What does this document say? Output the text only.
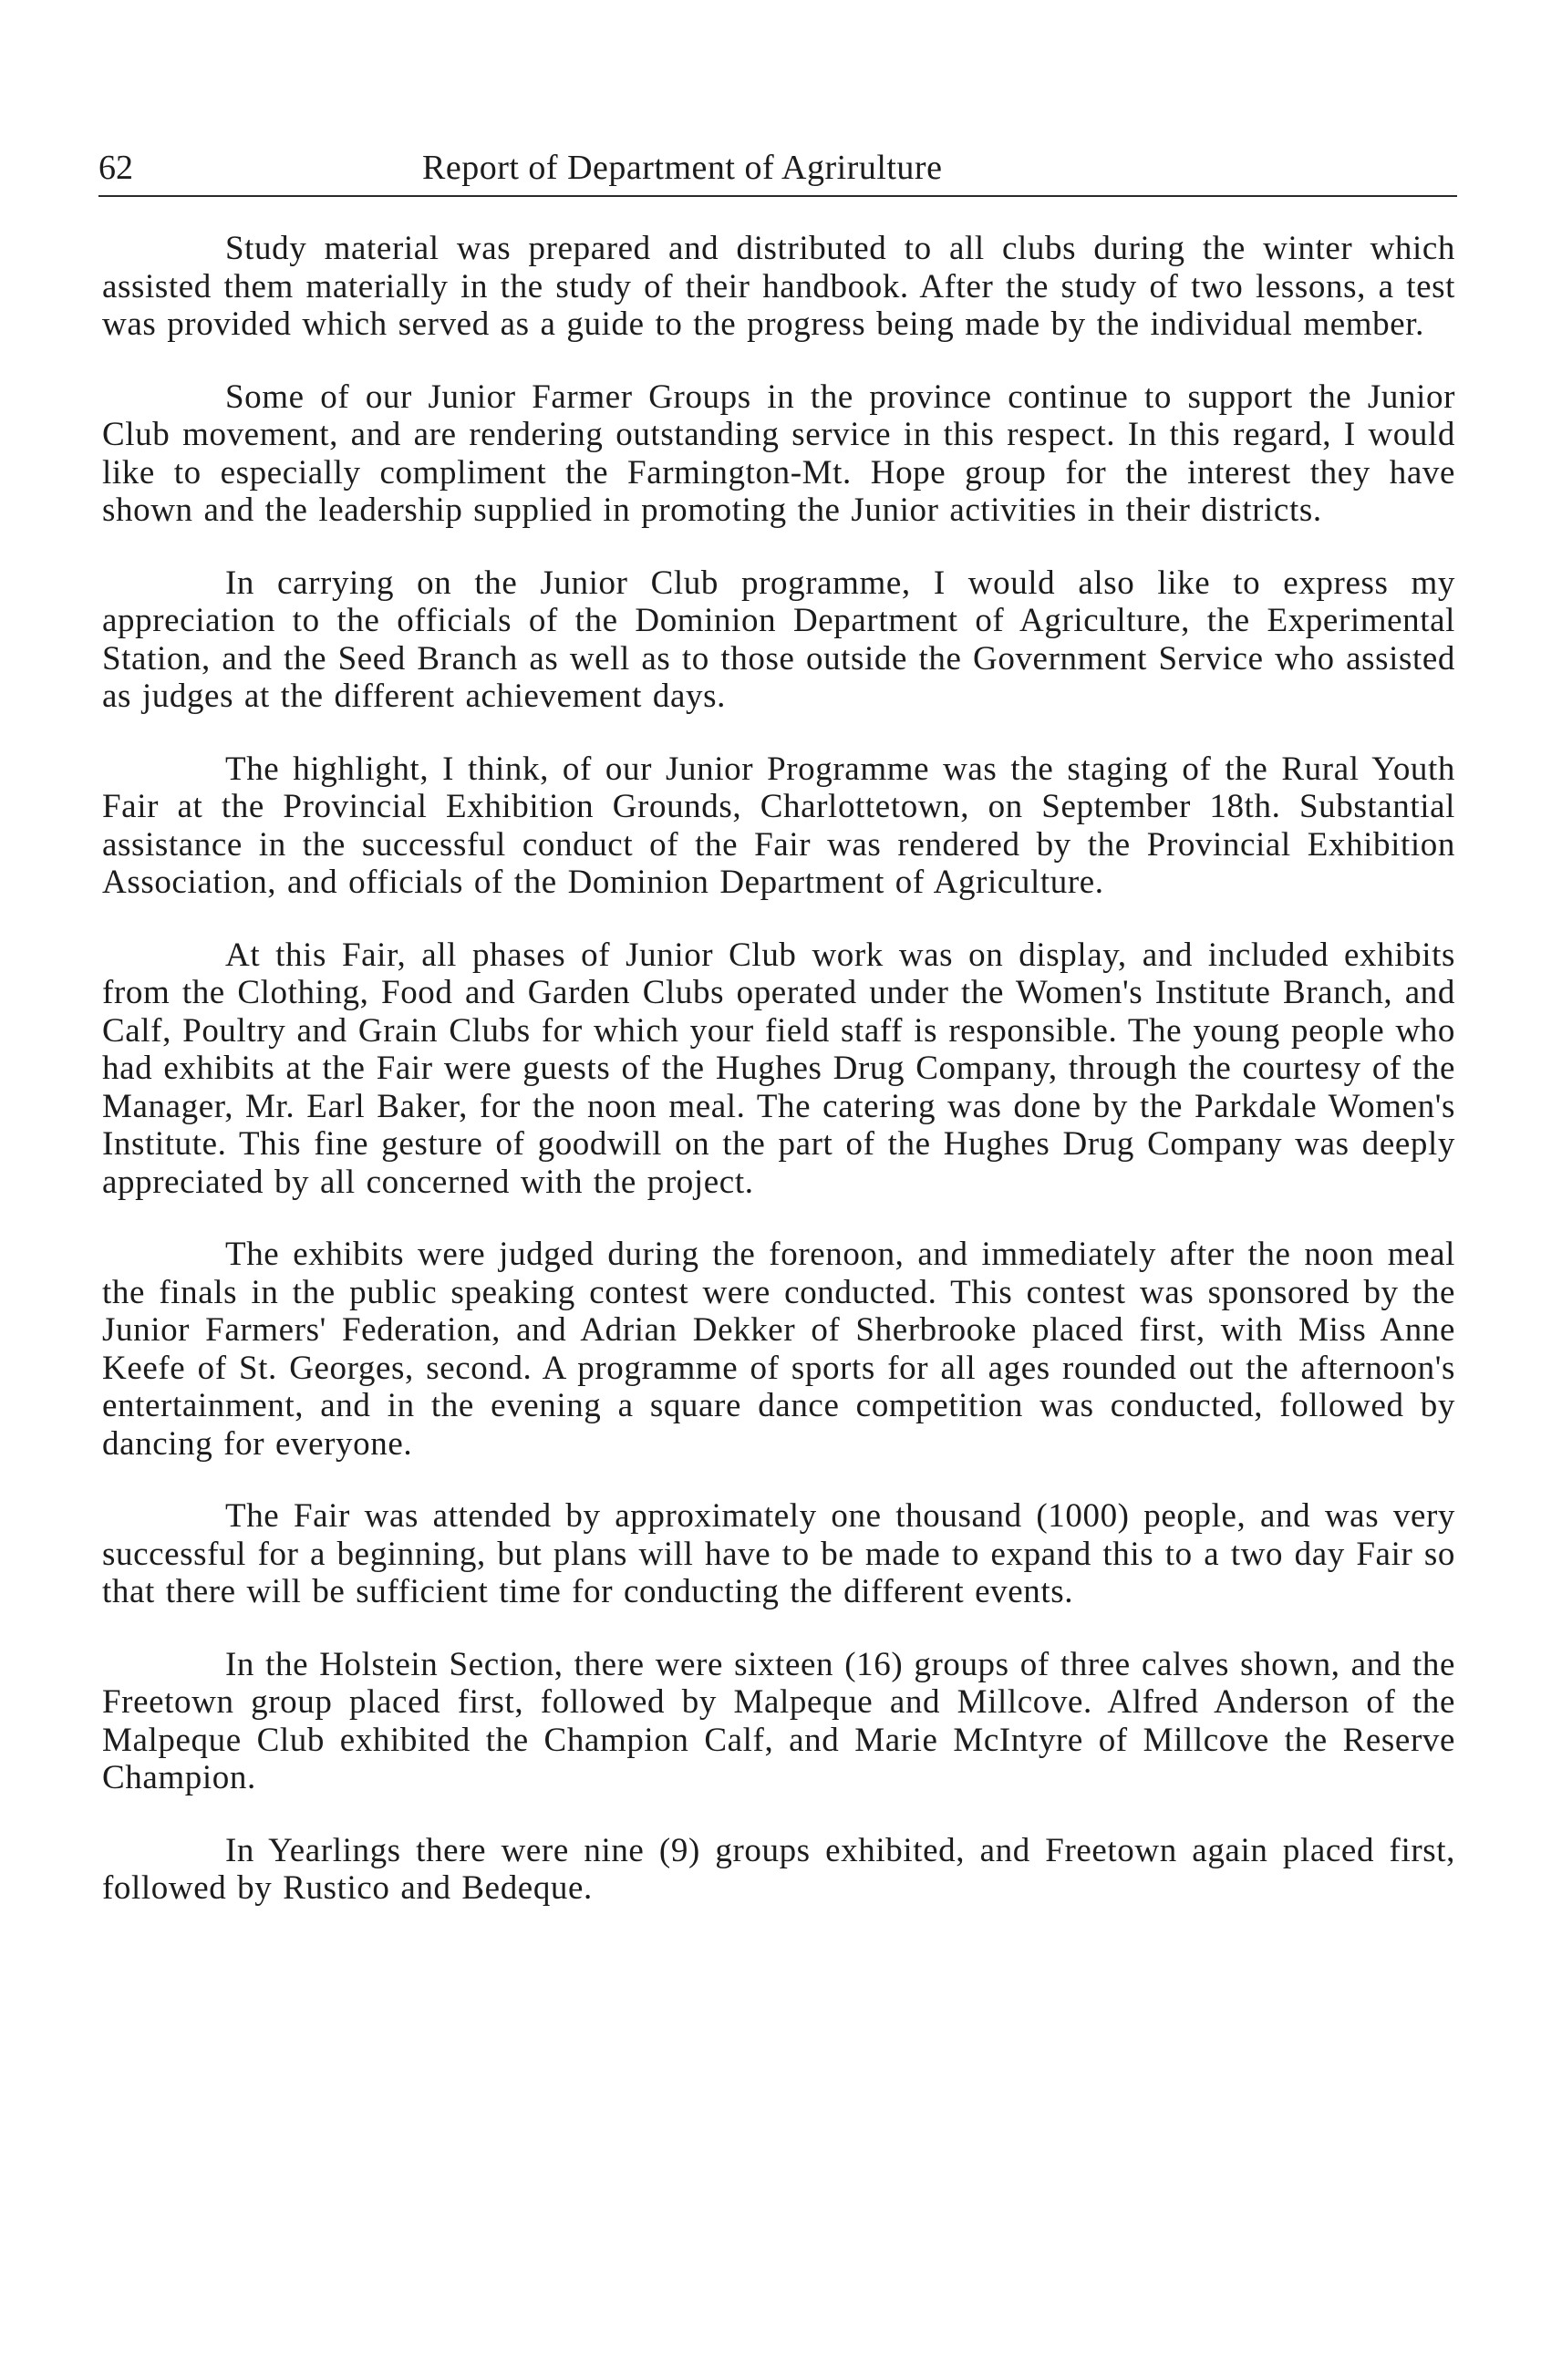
62	Report of Department of Agrirulture

Study material was prepared and distributed to all clubs during the winter which assisted them materially in the study of their handbook. After the study of two lessons, a test was provided which served as a guide to the progress being made by the individual member.

Some of our Junior Farmer Groups in the province continue to support the Junior Club movement, and are rendering outstanding service in this respect. In this regard, I would like to especially compliment the Farmington-Mt. Hope group for the interest they have shown and the leadership supplied in promoting the Junior activities in their districts.

In carrying on the Junior Club programme, I would also like to express my appreciation to the officials of the Dominion Department of Agriculture, the Experimental Station, and the Seed Branch as well as to those outside the Government Service who assisted as judges at the different achievement days.

The highlight, I think, of our Junior Programme was the staging of the Rural Youth Fair at the Provincial Exhibition Grounds, Charlottetown, on September 18th. Substantial assistance in the successful conduct of the Fair was rendered by the Provincial Exhibition Association, and officials of the Dominion Department of Agriculture.

At this Fair, all phases of Junior Club work was on display, and included exhibits from the Clothing, Food and Garden Clubs operated under the Women's Institute Branch, and Calf, Poultry and Grain Clubs for which your field staff is responsible. The young people who had exhibits at the Fair were guests of the Hughes Drug Company, through the courtesy of the Manager, Mr. Earl Baker, for the noon meal. The catering was done by the Parkdale Women's Institute. This fine gesture of goodwill on the part of the Hughes Drug Company was deeply appreciated by all concerned with the project.

The exhibits were judged during the forenoon, and immediately after the noon meal the finals in the public speaking contest were conducted. This contest was sponsored by the Junior Farmers' Federation, and Adrian Dekker of Sherbrooke placed first, with Miss Anne Keefe of St. Georges, second. A programme of sports for all ages rounded out the afternoon's entertainment, and in the evening a square dance competition was conducted, followed by dancing for everyone.

The Fair was attended by approximately one thousand (1000) people, and was very successful for a beginning, but plans will have to be made to expand this to a two day Fair so that there will be sufficient time for conducting the different events.

In the Holstein Section, there were sixteen (16) groups of three calves shown, and the Freetown group placed first, followed by Malpeque and Millcove. Alfred Anderson of the Malpeque Club exhibited the Champion Calf, and Marie McIntyre of Millcove the Reserve Champion.

In Yearlings there were nine (9) groups exhibited, and Freetown again placed first, followed by Rustico and Bedeque.
